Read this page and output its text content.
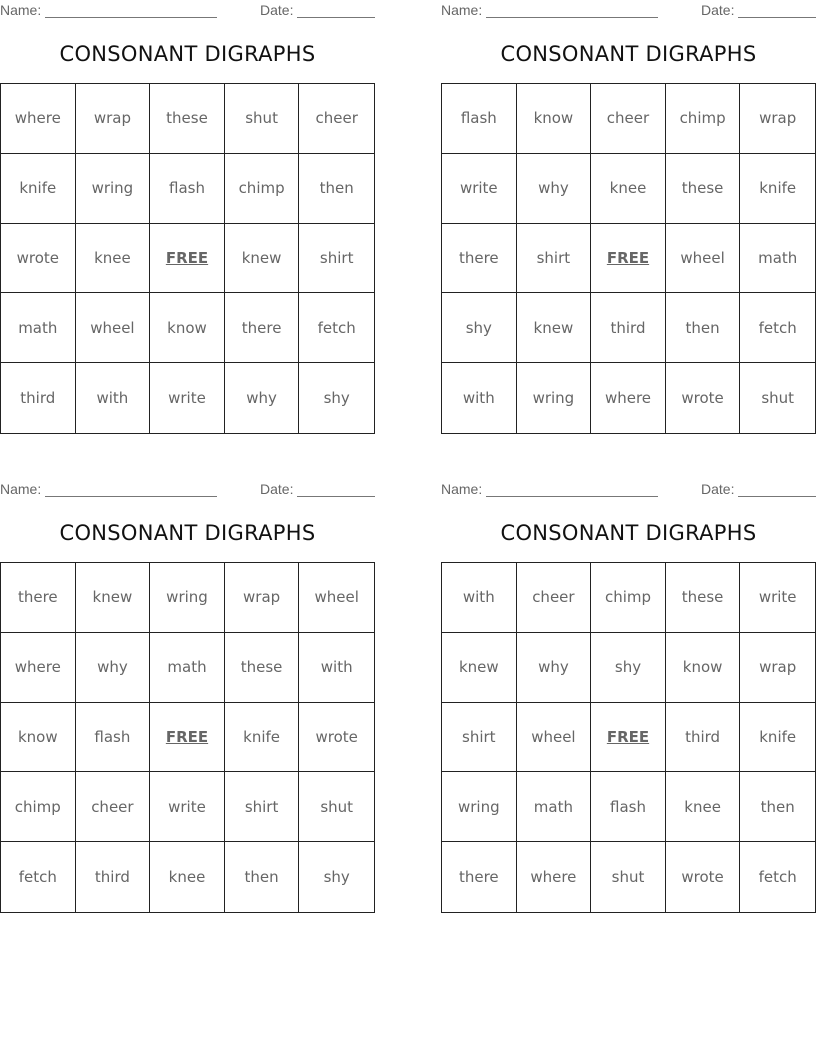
Name:	Date:
CONSONANT DIGRAPHS
where	wrap	these	shut	cheer
knife	wring	flash	chimp	then
wrote	knee	FREE	knew	shirt
math	wheel	know	there	fetch
third	with	write	why	shy
Name:	Date:
CONSONANT DIGRAPHS
flash	know	cheer	chimp	wrap
write	why	knee	these	knife
there	shirt	FREE	wheel	math
shy	knew	third	then	fetch
with	wring	where	wrote	shut
Name:	Date:
CONSONANT DIGRAPHS
there	knew	wring	wrap	wheel
where	why	math	these	with
know	flash	FREE	knife	wrote
chimp	cheer	write	shirt	shut
fetch	third	knee	then	shy
Name:	Date:
CONSONANT DIGRAPHS
with	cheer	chimp	these	write
knew	why	shy	know	wrap
shirt	wheel	FREE	third	knife
wring	math	flash	knee	then
there	where	shut	wrote	fetch
